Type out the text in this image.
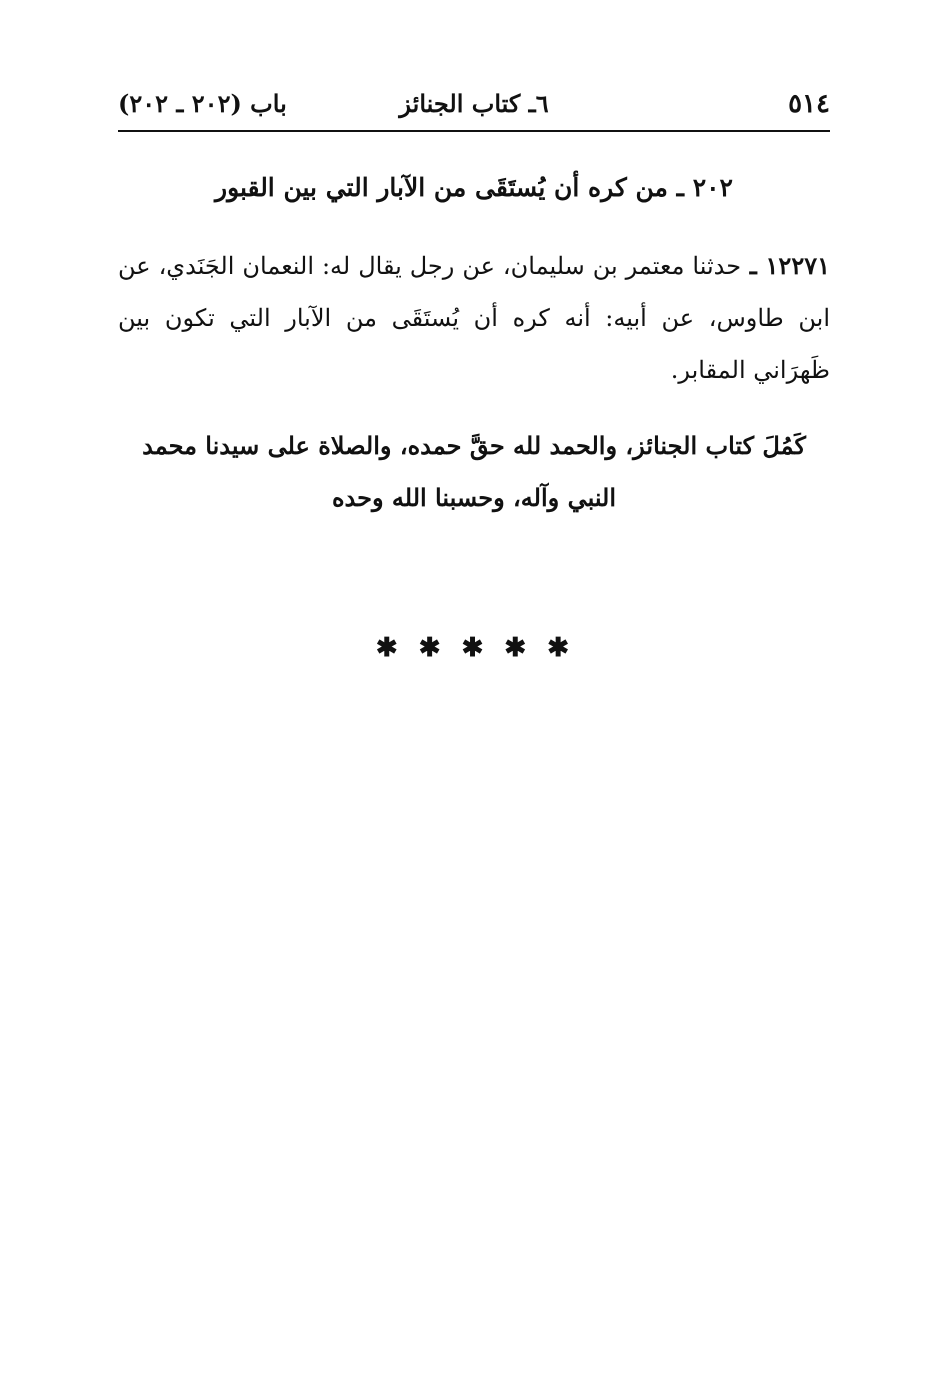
٥١٤
٦ـ كتاب الجنائز
باب (٢٠٢ ـ ٢٠٢)
٢٠٢ ـ من كره أن يُستَقَى من الآبار التي بين القبور
١٢٢٧١ ـ حدثنا معتمر بن سليمان، عن رجل يقال له: النعمان الجَنَدي، عن ابن طاوس، عن أبيه: أنه كره أن يُستَقَى من الآبار التي تكون بين ظَهرَاني المقابر.

كَمُلَ كتاب الجنائز، والحمد لله حقَّ حمده، والصلاة على سيدنا محمد

النبي وآله، وحسبنا الله وحده

✱ ✱ ✱ ✱ ✱
